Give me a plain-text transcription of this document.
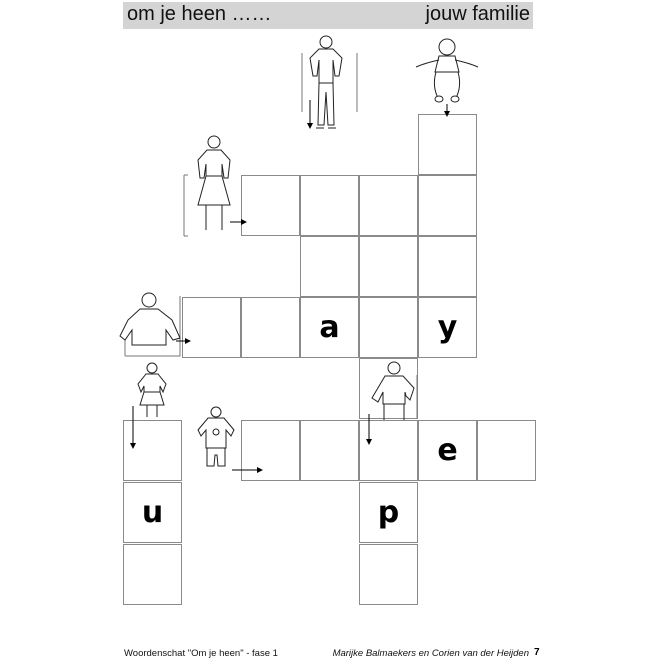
om je heen ……	jouw familie
y
a
e
u	p
Woordenschat "Om je heen" - fase 1	Marijke Balmaekers en Corien van der Heijden 7
